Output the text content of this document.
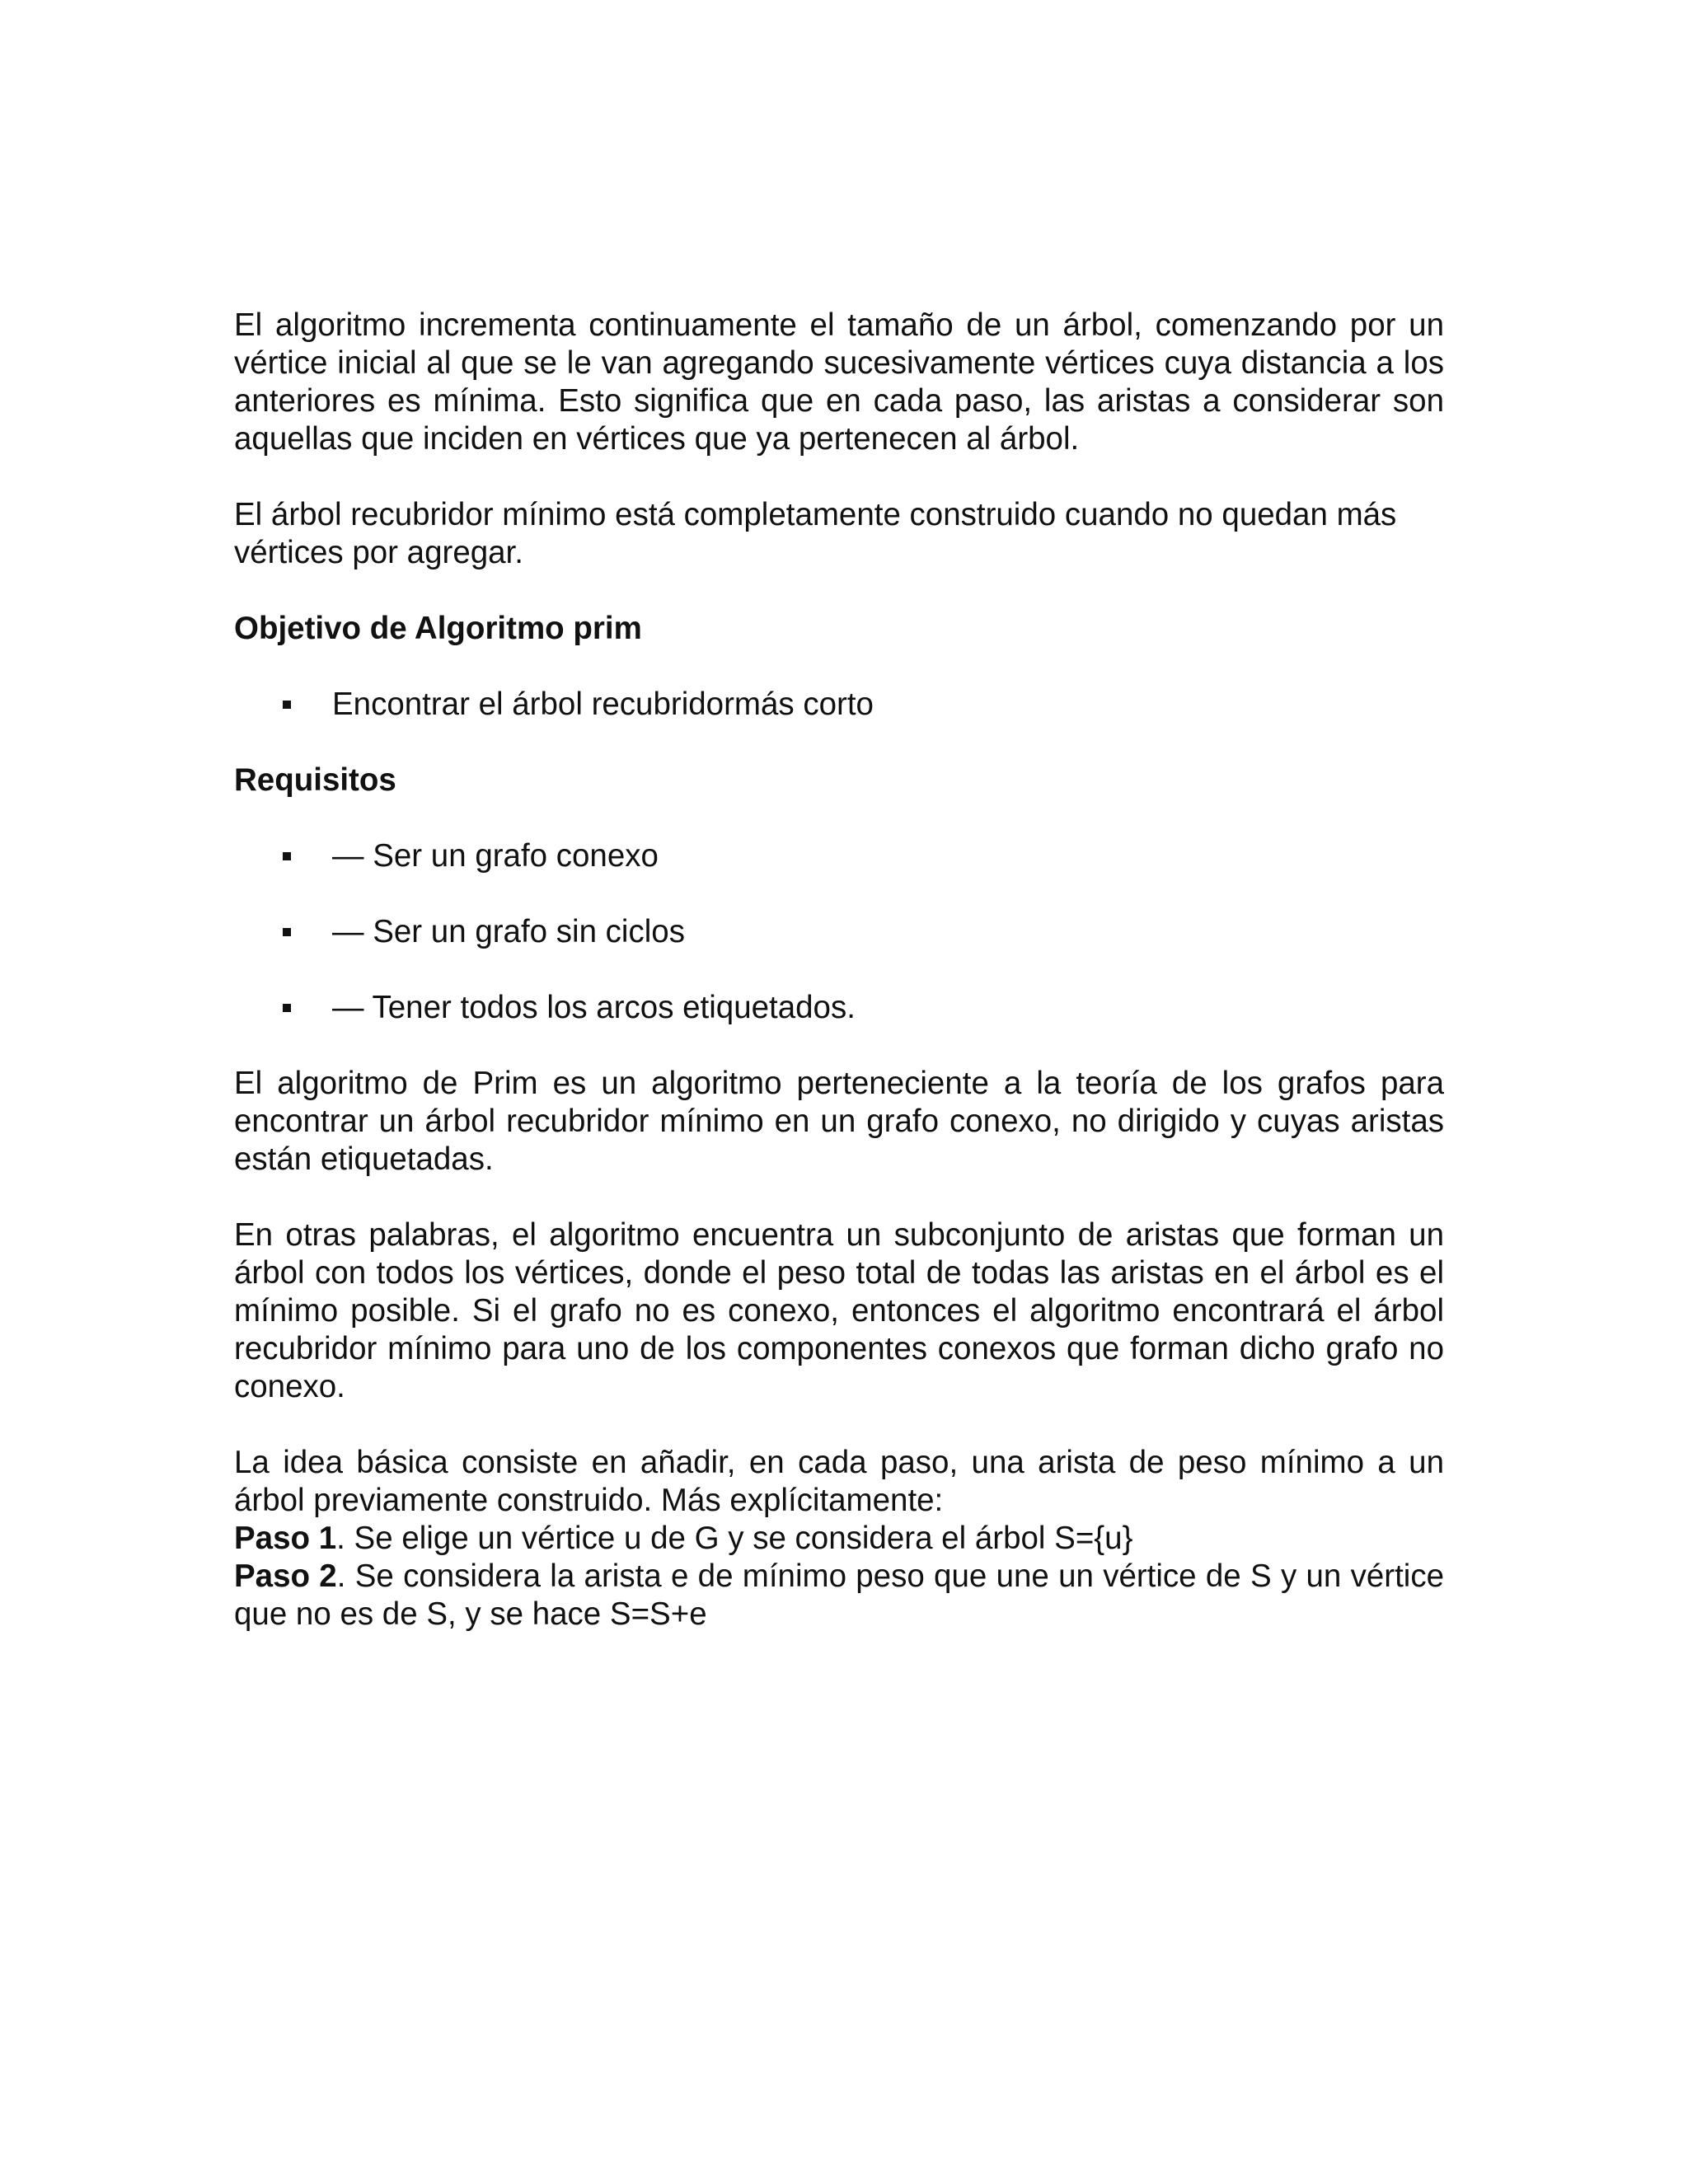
El algoritmo incrementa continuamente el tamaño de un árbol, comenzando por un vértice inicial al que se le van agregando sucesivamente vértices cuya distancia a los anteriores es mínima. Esto significa que en cada paso, las aristas a considerar son aquellas que inciden en vértices que ya pertenecen al árbol.

El árbol recubridor mínimo está completamente construido cuando no quedan más vértices por agregar.

Objetivo de Algoritmo prim

Encontrar el árbol recubridormás corto

Requisitos

— Ser un grafo conexo
— Ser un grafo sin ciclos
— Tener todos los arcos etiquetados.

El algoritmo de Prim es un algoritmo perteneciente a la teoría de los grafos para encontrar un árbol recubridor mínimo en un grafo conexo, no dirigido y cuyas aristas están etiquetadas.

En otras palabras, el algoritmo encuentra un subconjunto de aristas que forman un árbol con todos los vértices, donde el peso total de todas las aristas en el árbol es el mínimo posible. Si el grafo no es conexo, entonces el algoritmo encontrará el árbol recubridor mínimo para uno de los componentes conexos que forman dicho grafo no conexo.

La idea básica consiste en añadir, en cada paso, una arista de peso mínimo a un árbol previamente construido. Más explícitamente:

Paso 1. Se elige un vértice u de G y se considera el árbol S={u}

Paso 2. Se considera la arista e de mínimo peso que une un vértice de S y un vértice que no es de S, y se hace S=S+e
